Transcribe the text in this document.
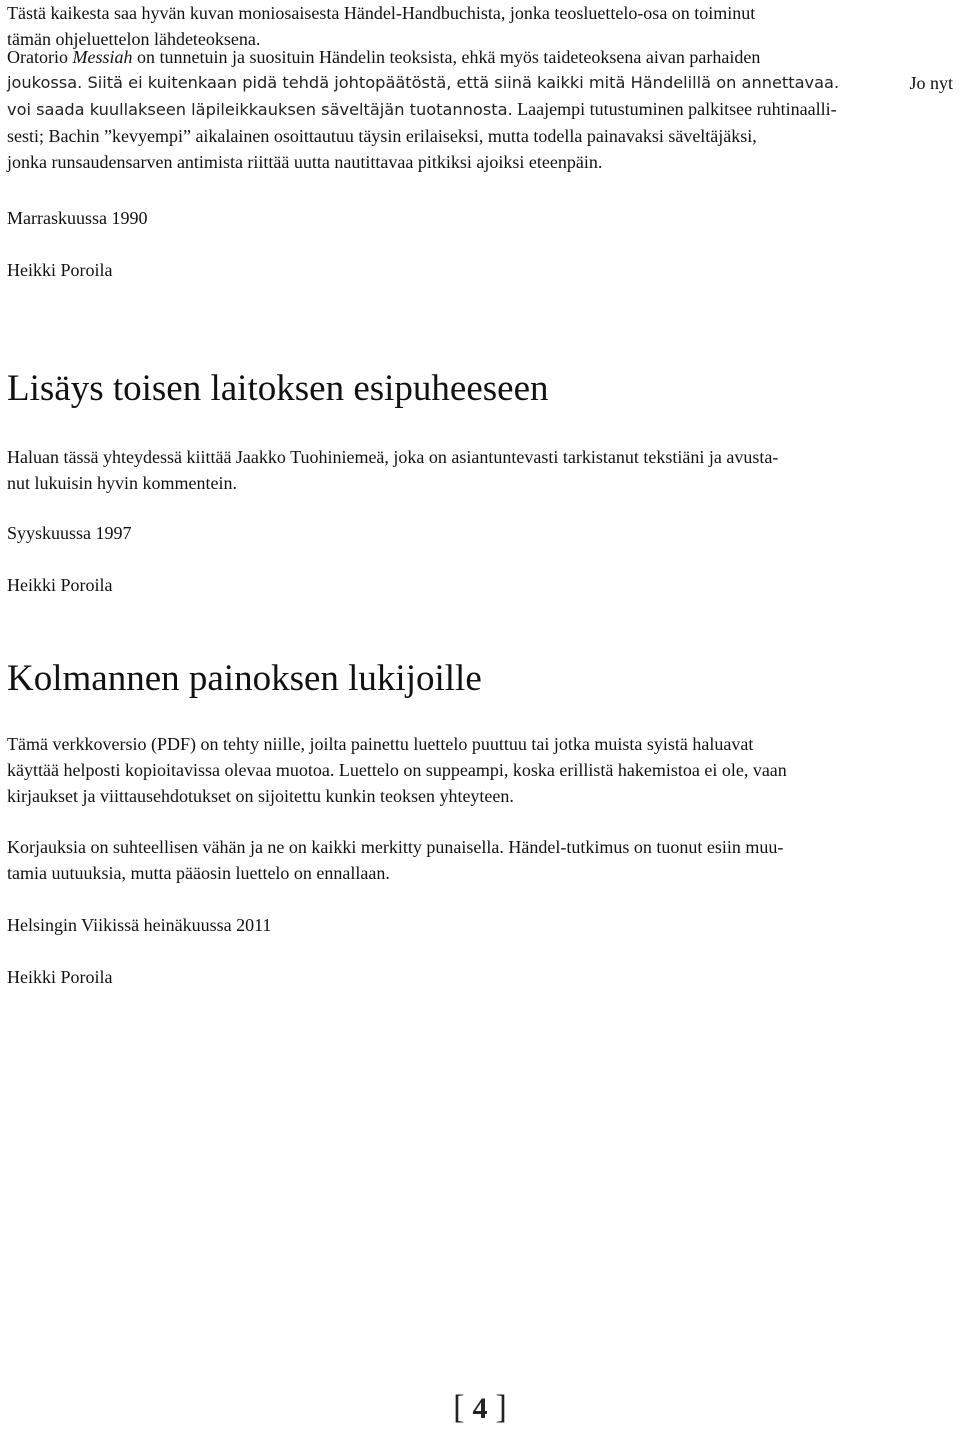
Tästä kaikesta saa hyvän kuvan moniosaisesta Händel-Handbuchista, jonka teosluettelo-osa on toiminut
tämän ohjeluettelon lähdeteoksena.

Oratorio Messiah on tunnetuin ja suosituin Händelin teoksista, ehkä myös taideteoksena aivan parhaiden
joukossa. Siitä ei kuitenkaan pidä tehdä johtopäätöstä, että siinä kaikki mitä Händelillä on annettavaa.	Jo nyt
voi saada kuullakseen läpileikkauksen säveltäjän tuotannosta. Laajempi tutustuminen palkitsee ruhtinaalli-
sesti; Bachin ”kevyempi” aikalainen osoittautuu täysin erilaiseksi, mutta todella painavaksi säveltäjäksi,
jonka runsaudensarven antimista riittää uutta nautittavaa pitkiksi ajoiksi eteenpäin.

Marraskuussa 1990
Heikki Poroila
Lisäys toisen laitoksen esipuheeseen

Haluan tässä yhteydessä kiittää Jaakko Tuohiniemeä, joka on asiantuntevasti tarkistanut tekstiäni ja avusta-
nut lukuisin hyvin kommentein.

Syyskuussa 1997
Heikki Poroila
Kolmannen painoksen lukijoille

Tämä verkkoversio (PDF) on tehty niille, joilta painettu luettelo puuttuu tai jotka muista syistä haluavat
käyttää helposti kopioitavissa olevaa muotoa. Luettelo on suppeampi, koska erillistä hakemistoa ei ole, vaan
kirjaukset ja viittausehdotukset on sijoitettu kunkin teoksen yhteyteen.

Korjauksia on suhteellisen vähän ja ne on kaikki merkitty punaisella. Händel-tutkimus on tuonut esiin muu-
tamia uutuuksia, mutta pääosin luettelo on ennallaan.

Helsingin Viikissä heinäkuussa 2011
Heikki Poroila
[ 4 ]
